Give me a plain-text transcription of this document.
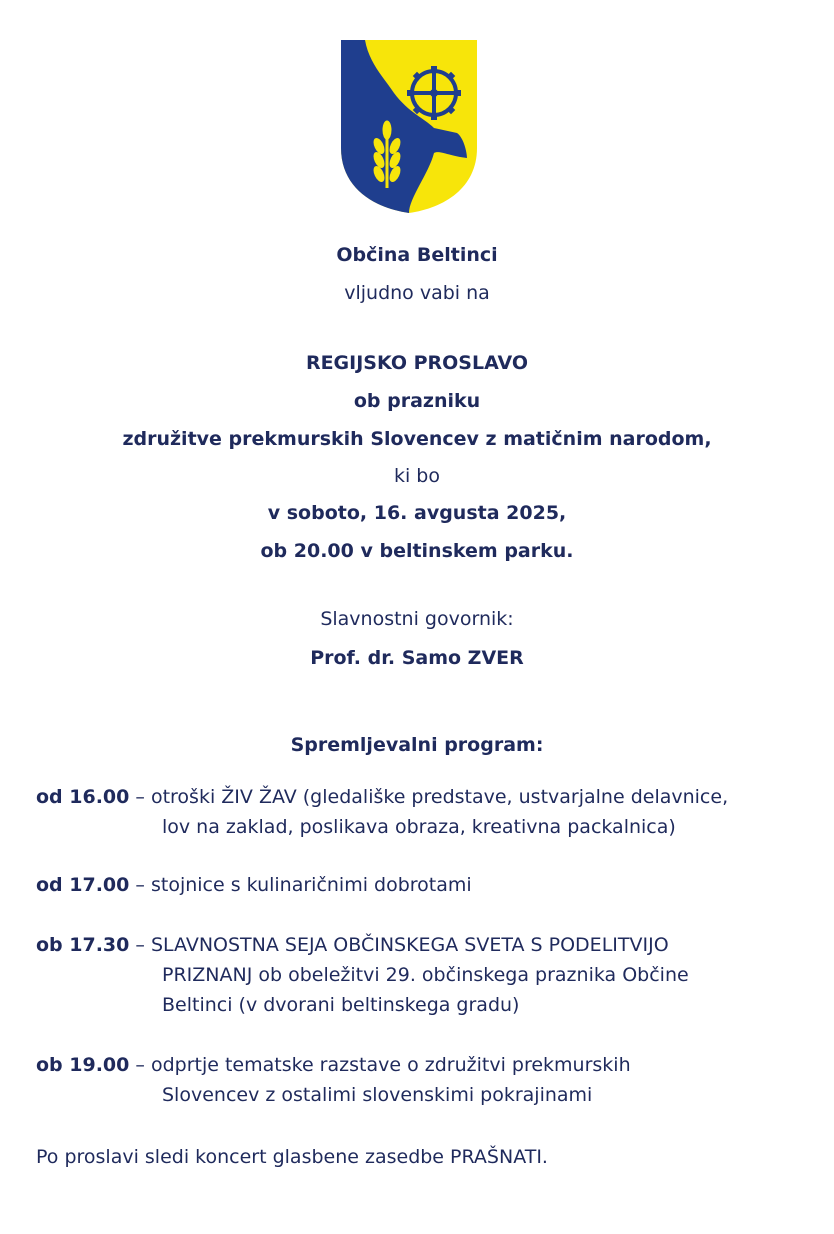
Občina Beltinci
vljudno vabi na
REGIJSKO PROSLAVO
ob prazniku
združitve prekmurskih Slovencev z matičnim narodom,
ki bo
v soboto, 16. avgusta 2025,
ob 20.00 v beltinskem parku.
Slavnostni govornik:
Prof. dr. Samo ZVER
Spremljevalni program:
od 16.00 – otroški ŽIV ŽAV (gledališke predstave, ustvarjalne delavnice,
lov na zaklad, poslikava obraza, kreativna packalnica)
od 17.00 – stojnice s kulinaričnimi dobrotami
ob 17.30 – SLAVNOSTNA SEJA OBČINSKEGA SVETA S PODELITVIJO
PRIZNANJ ob obeležitvi 29. občinskega praznika Občine
Beltinci (v dvorani beltinskega gradu)
ob 19.00 – odprtje tematske razstave o združitvi prekmurskih
Slovencev z ostalimi slovenskimi pokrajinami
Po proslavi sledi koncert glasbene zasedbe PRAŠNATI.
